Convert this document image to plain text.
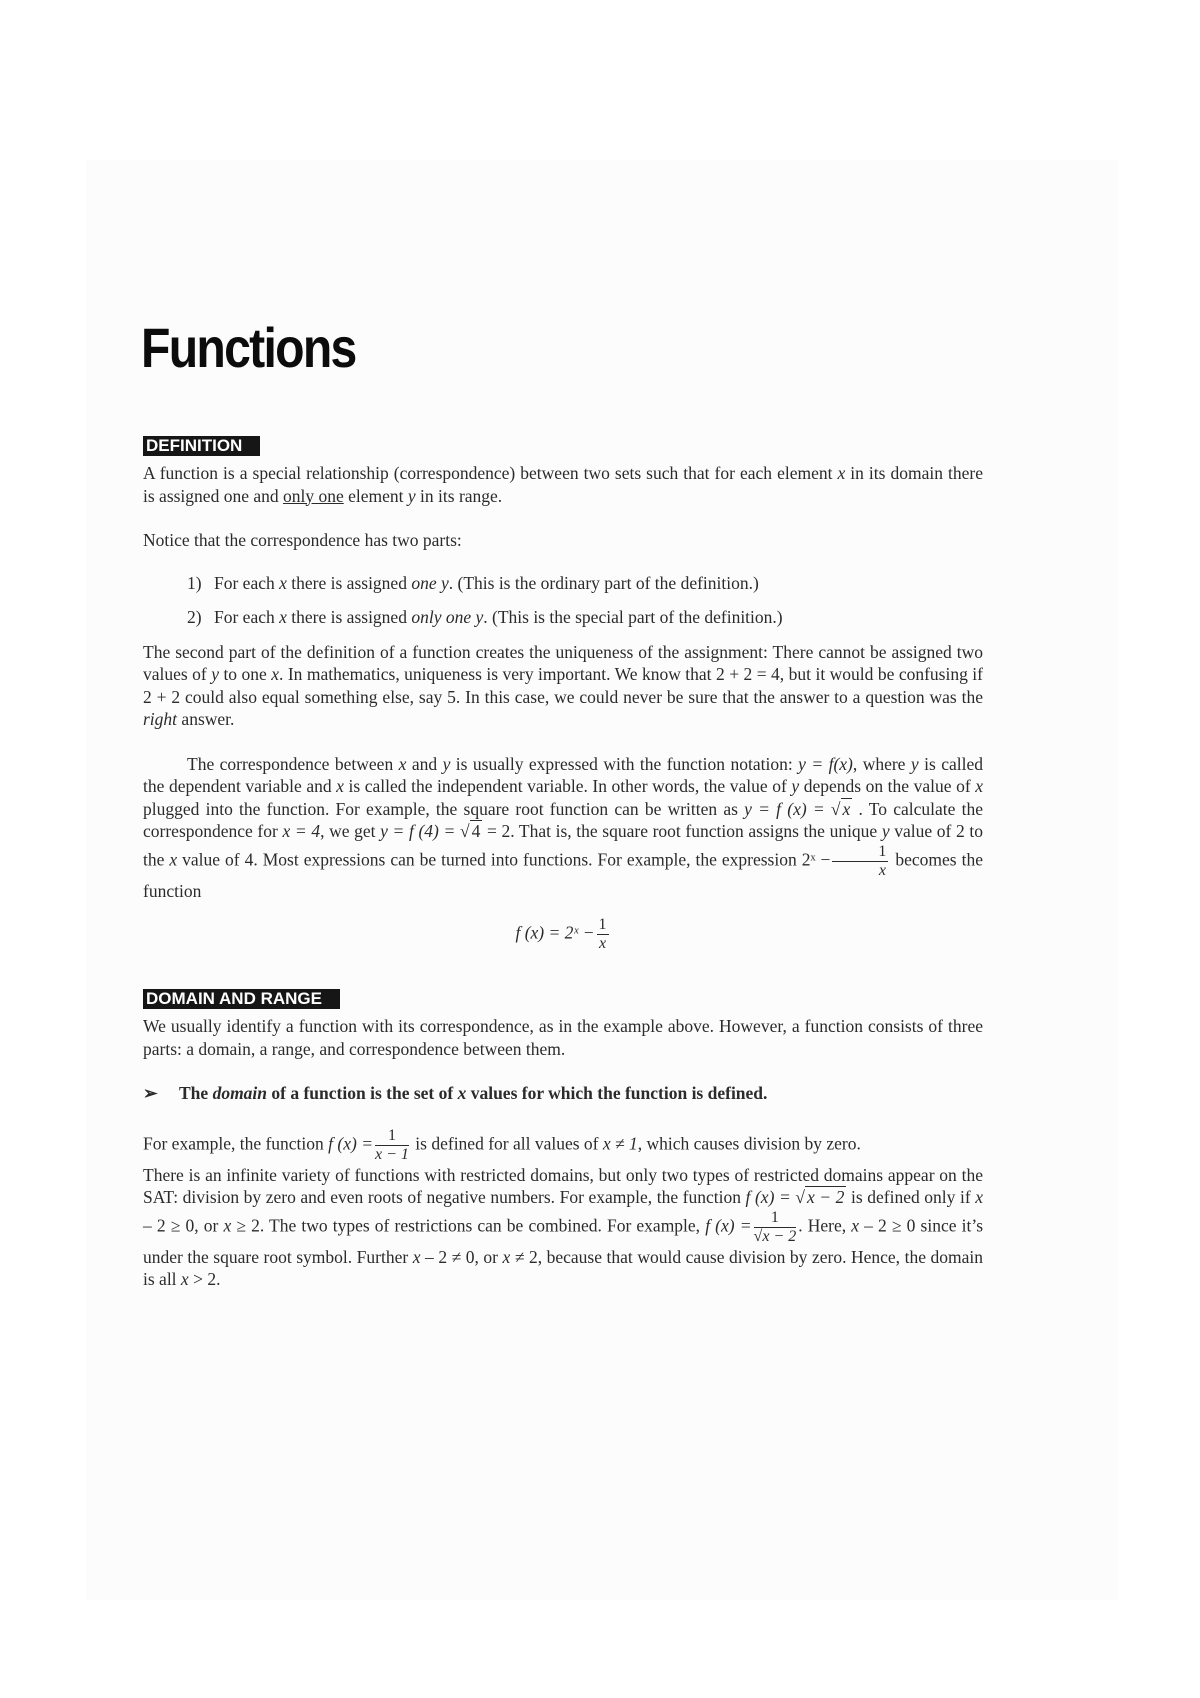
Functions
DEFINITION

A function is a special relationship (correspondence) between two sets such that for each element x in its domain there is assigned one and only one element y in its range.

Notice that the correspondence has two parts:

1) For each x there is assigned one y. (This is the ordinary part of the definition.)
2) For each x there is assigned only one y. (This is the special part of the definition.)

The second part of the definition of a function creates the uniqueness of the assignment: There cannot be assigned two values of y to one x. In mathematics, uniqueness is very important. We know that 2 + 2 = 4, but it would be confusing if 2 + 2 could also equal something else, say 5. In this case, we could never be sure that the answer to a question was the right answer.

The correspondence between x and y is usually expressed with the function notation: y = f(x), where y is called the dependent variable and x is called the independent variable. In other words, the value of y depends on the value of x plugged into the function. For example, the square root function can be written as y = f (x) = √ x . To calculate the correspondence for x = 4, we get y = f (4) = √ 4 = 2. That is, the square root function assigns the unique y value of 2 to the x value of 4. Most expressions can be turned into functions. For example, the expression 2ˣ − $\frac{1}{x}$ becomes the function

f (x) = 2ˣ − $\frac{1}{x}$
DOMAIN AND RANGE

We usually identify a function with its correspondence, as in the example above. However, a function consists of three parts: a domain, a range, and correspondence between them.

➢ The domain of a function is the set of x values for which the function is defined.

For example, the function f $(x) = \frac{1}{x - 1}$ is defined for all values of x ≠ 1, which causes division by zero.

There is an infinite variety of functions with restricted domains, but only two types of restricted domains appear on the SAT: division by zero and even roots of negative numbers. For example, the function f (x) = √ x − 2 is defined only if x – 2 ≥ 0, or x ≥ 2. The two types of restrictions can be combined. For example, f $(x) = \frac{1}{√x - 2}$ . Here, x – 2 ≥ 0 since it’s under the square root symbol. Further x – 2 ≠ 0, or x ≠ 2, because that would cause division by zero. Hence, the domain is all x > 2.
